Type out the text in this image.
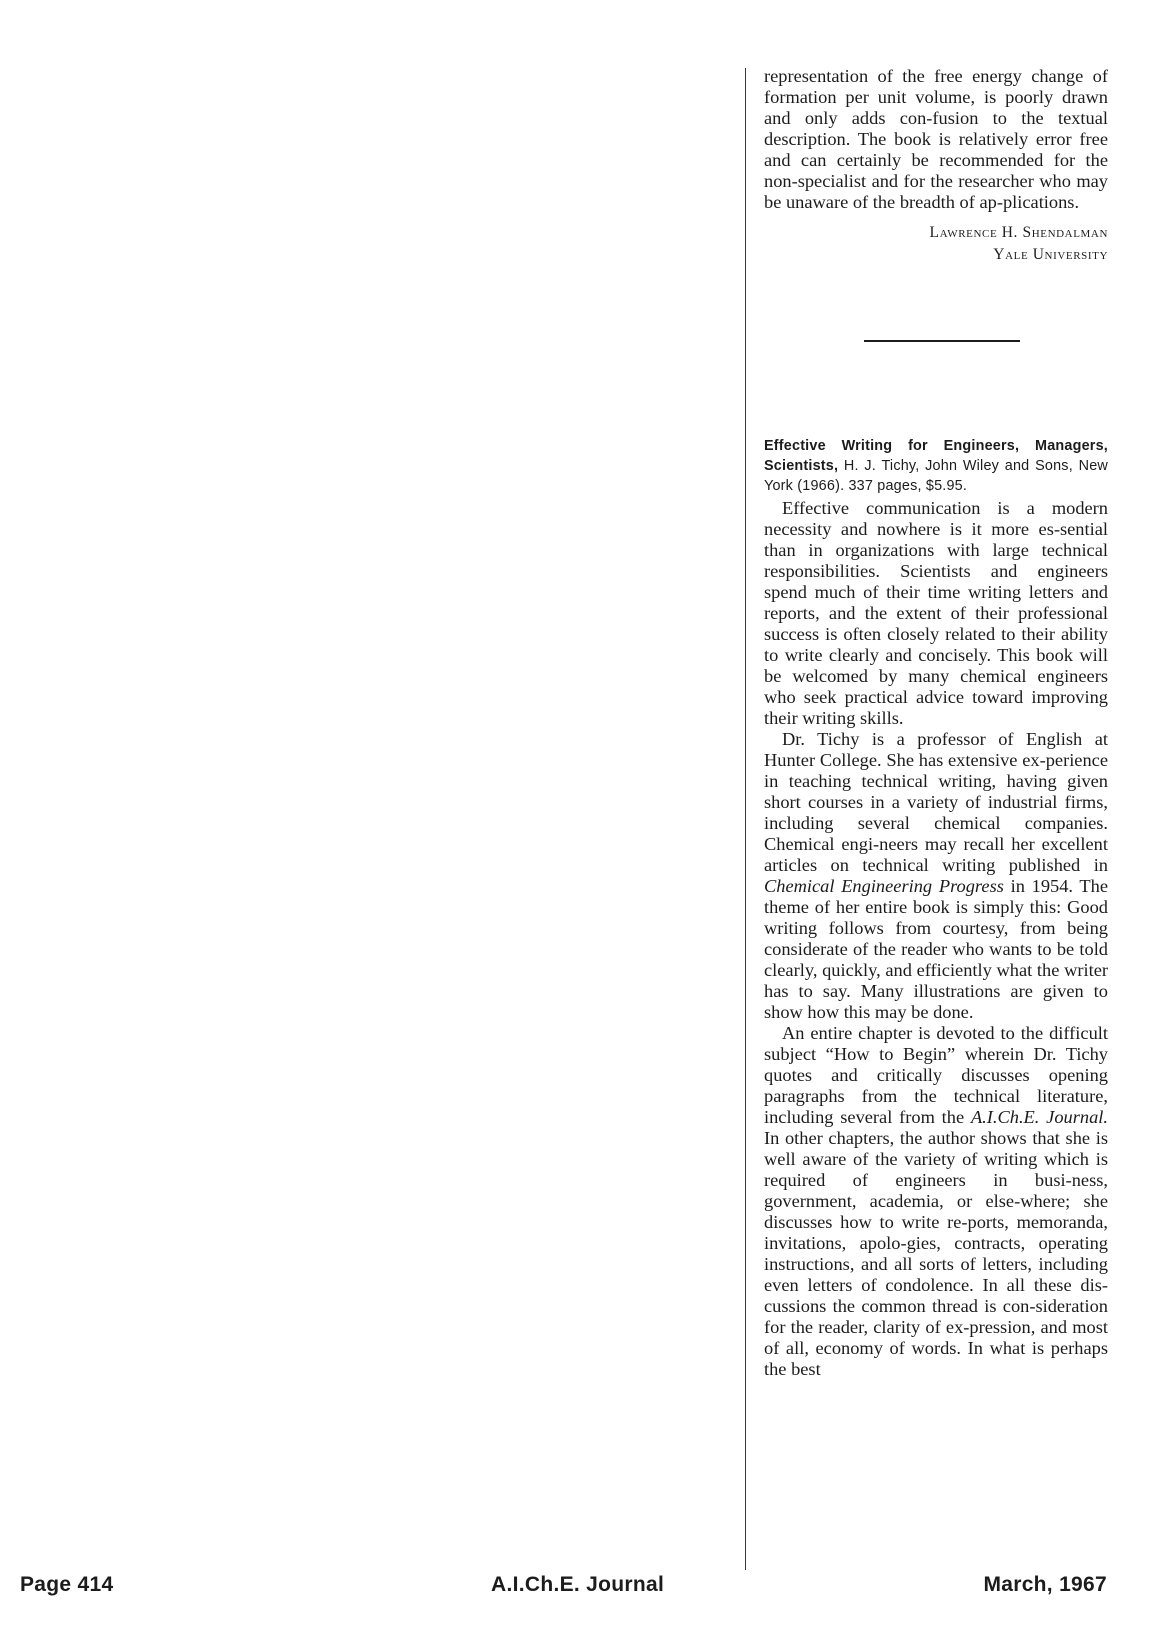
representation of the free energy change of formation per unit volume, is poorly drawn and only adds con-fusion to the textual description. The book is relatively error free and can certainly be recommended for the non-specialist and for the researcher who may be unaware of the breadth of ap-plications.

Lawrence H. Shendalman
Yale University
Effective Writing for Engineers, Managers, Scientists, H. J. Tichy, John Wiley and Sons, New York (1966). 337 pages, $5.95.

Effective communication is a modern necessity and nowhere is it more es-sential than in organizations with large technical responsibilities. Scientists and engineers spend much of their time writing letters and reports, and the extent of their professional success is often closely related to their ability to write clearly and concisely. This book will be welcomed by many chemical engineers who seek practical advice toward improving their writing skills.

Dr. Tichy is a professor of English at Hunter College. She has extensive ex-perience in teaching technical writing, having given short courses in a variety of industrial firms, including several chemical companies. Chemical engi-neers may recall her excellent articles on technical writing published in Chemical Engineering Progress in 1954. The theme of her entire book is simply this: Good writing follows from courtesy, from being considerate of the reader who wants to be told clearly, quickly, and efficiently what the writer has to say. Many illustrations are given to show how this may be done.

An entire chapter is devoted to the difficult subject “How to Begin” wherein Dr. Tichy quotes and critically discusses opening paragraphs from the technical literature, including several from the A.I.Ch.E. Journal. In other chapters, the author shows that she is well aware of the variety of writing which is required of engineers in busi-ness, government, academia, or else-where; she discusses how to write re-ports, memoranda, invitations, apolo-gies, contracts, operating instructions, and all sorts of letters, including even letters of condolence. In all these dis-cussions the common thread is con-sideration for the reader, clarity of ex-pression, and most of all, economy of words. In what is perhaps the best

Page 414	A.I.Ch.E. Journal	March, 1967
